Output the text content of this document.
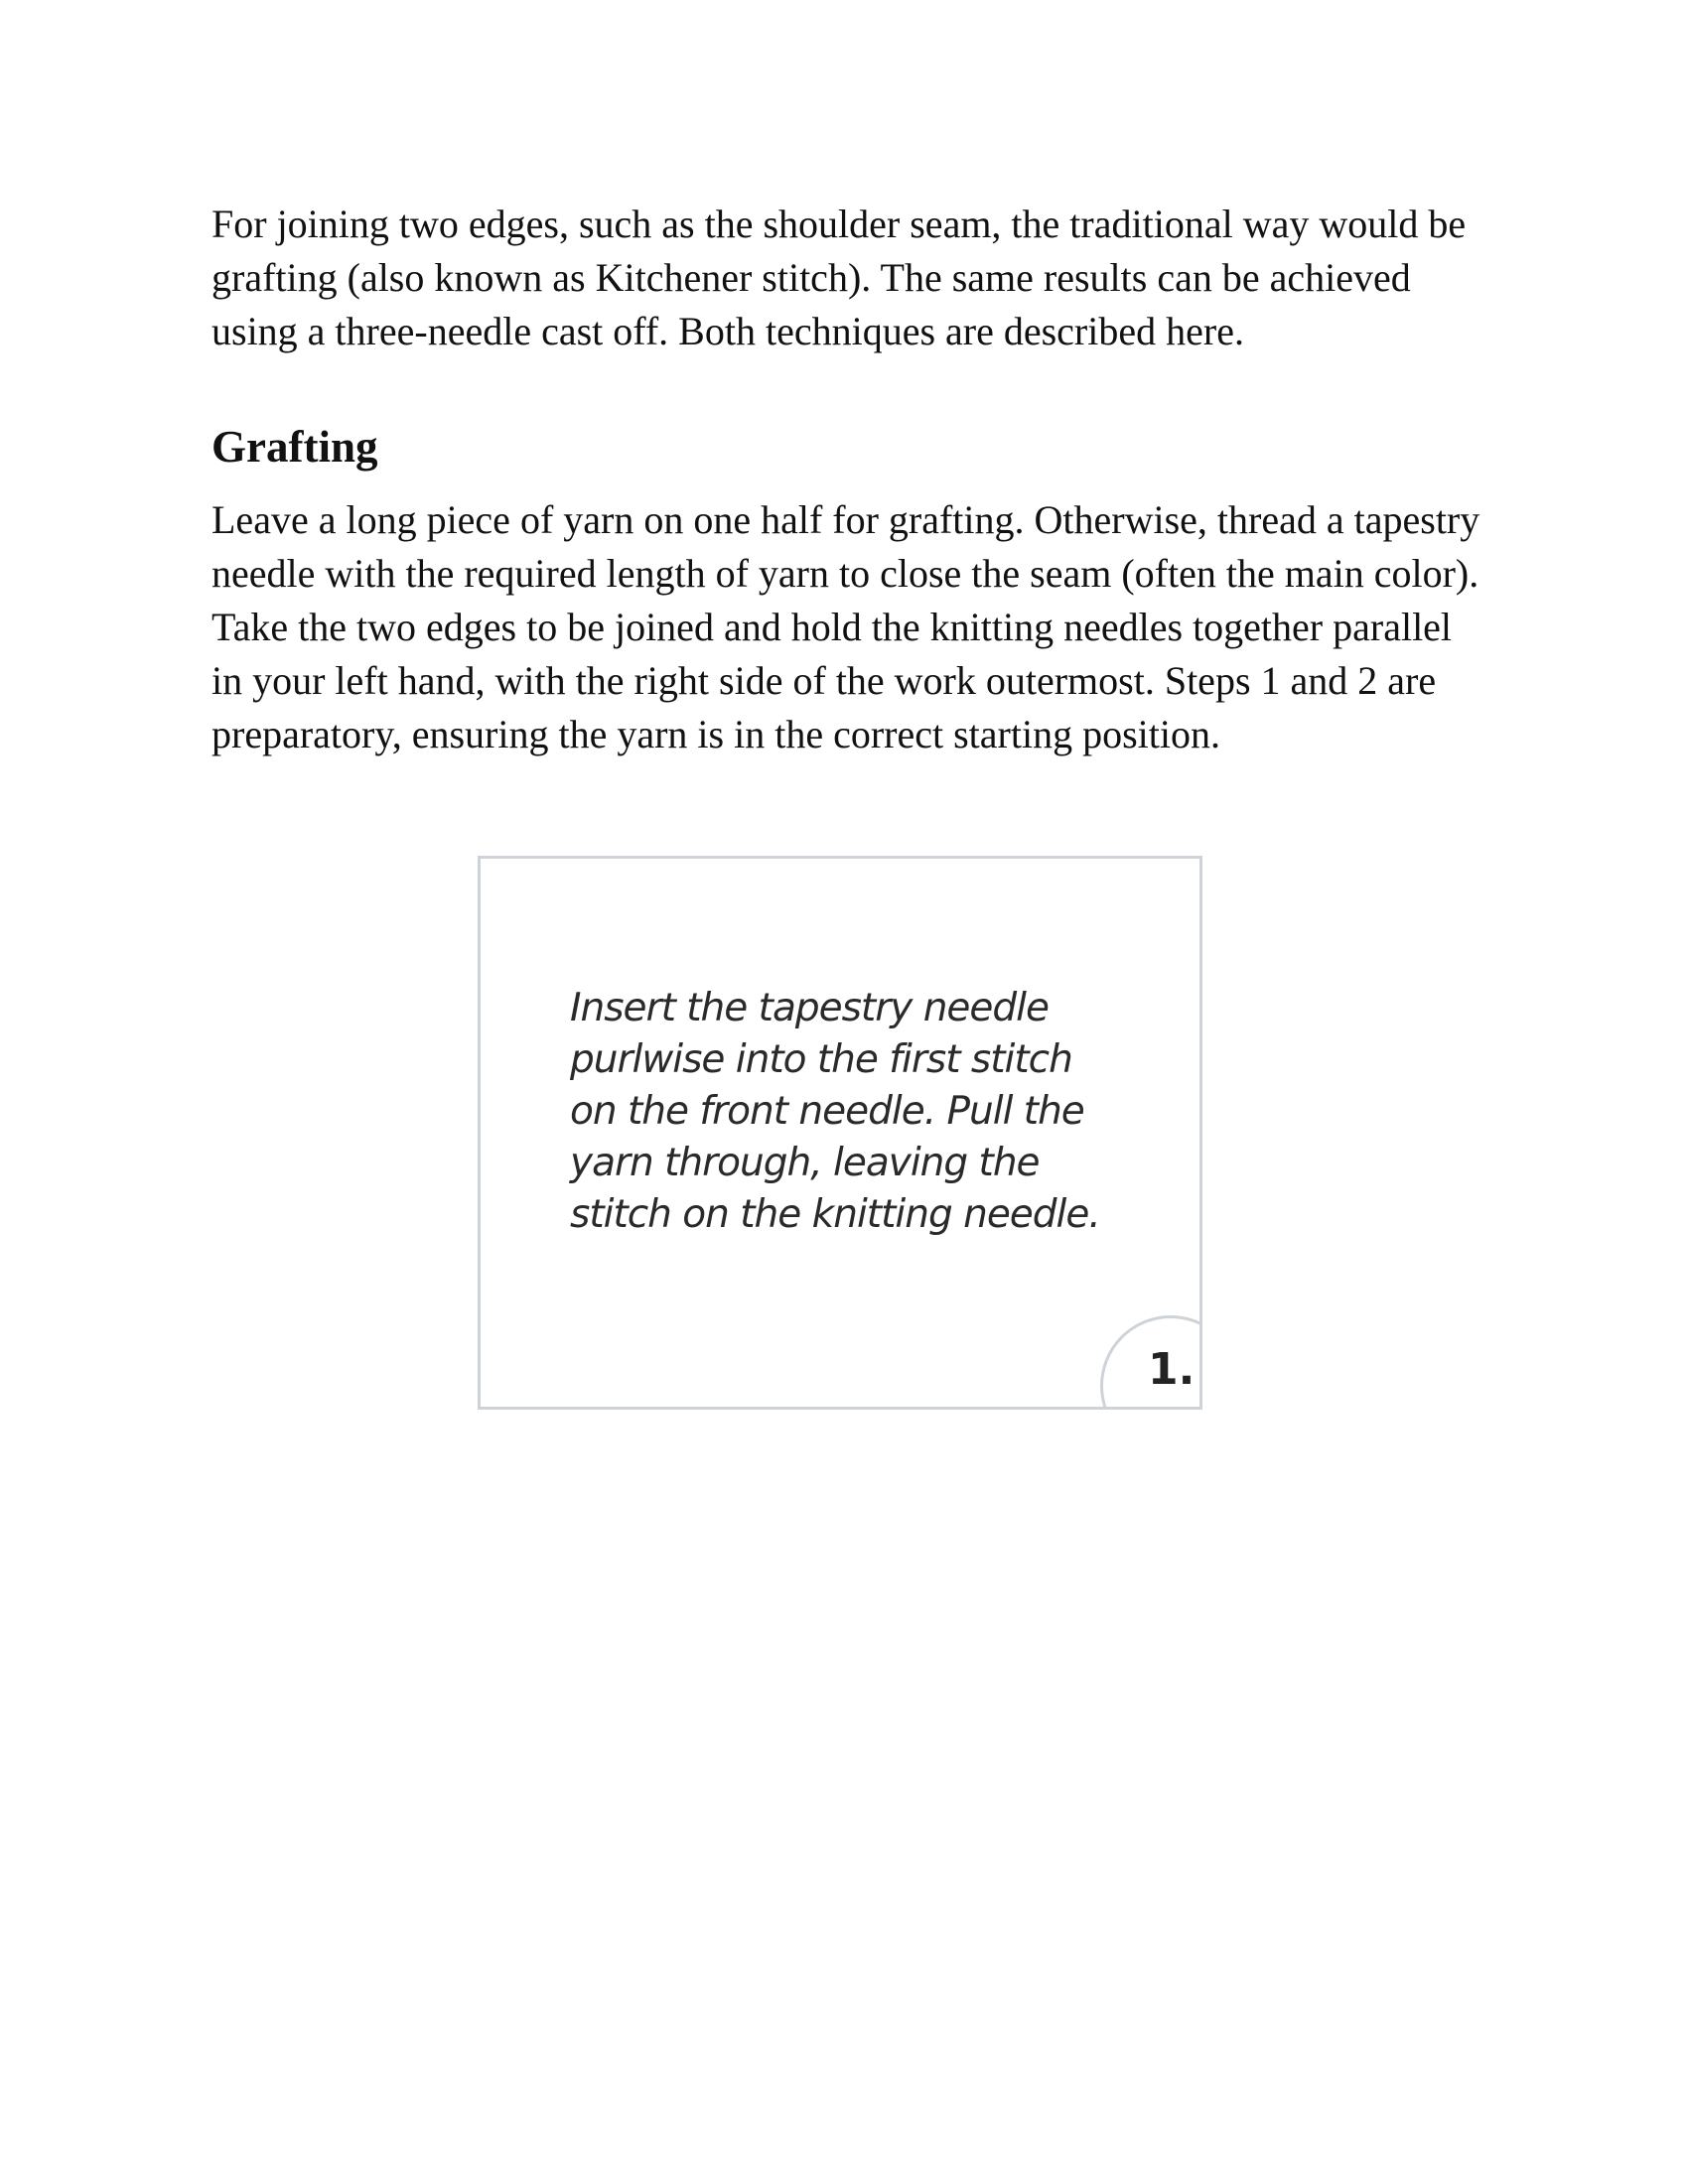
For joining two edges, such as the shoulder seam, the traditional way would be grafting (also known as Kitchener stitch). The same results can be achieved using a three-needle cast off. Both techniques are described here.

Grafting

Leave a long piece of yarn on one half for grafting. Otherwise, thread a tapestry needle with the required length of yarn to close the seam (often the main color). Take the two edges to be joined and hold the knitting needles together parallel in your left hand, with the right side of the work outermost. Steps 1 and 2 are preparatory, ensuring the yarn is in the correct starting position.

Insert the tapestry needle purlwise into the first stitch on the front needle. Pull the yarn through, leaving the stitch on the knitting needle.

1.
